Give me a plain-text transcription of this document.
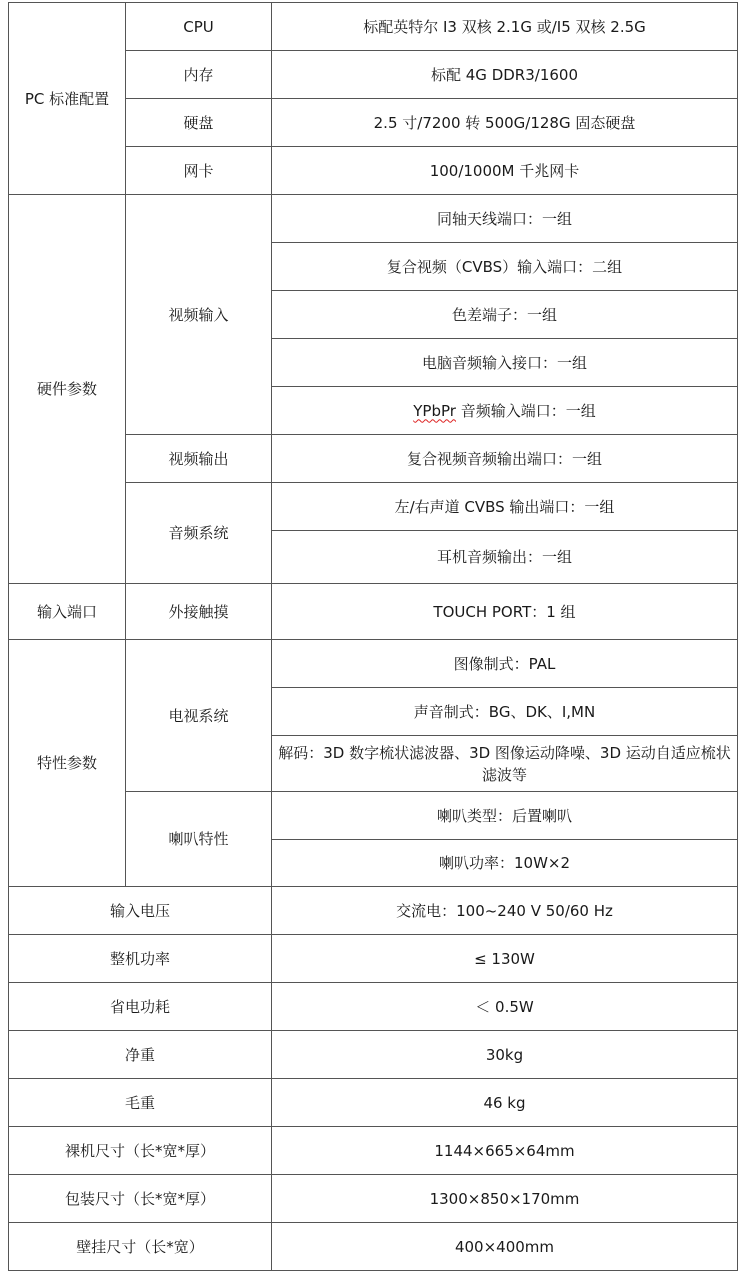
PC 标准配置	CPU	标配英特尔 I3 双核 2.1G 或/I5 双核 2.5G
	内存	标配 4G DDR3/1600
	硬盘	2.5 寸/7200 转 500G/128G 固态硬盘
	网卡	100/1000M 千兆网卡
硬件参数	视频输入	同轴天线端口：一组
		复合视频（CVBS）输入端口：二组
		色差端子：一组
		电脑音频输入接口：一组
		YPbPr 音频输入端口：一组
	视频输出	复合视频音频输出端口：一组
	音频系统	左/右声道 CVBS 输出端口：一组
		耳机音频输出：一组
输入端口	外接触摸	TOUCH PORT：1 组
特性参数	电视系统	图像制式：PAL
		声音制式：BG、DK、I,MN
		解码：3D 数字梳状滤波器、3D 图像运动降噪、3D 运动自适应梳状滤波等
	喇叭特性	喇叭类型：后置喇叭
		喇叭功率：10W×2
输入电压		交流电：100~240 V 50/60 Hz
整机功率		≤ 130W
省电功耗		＜ 0.5W
净重		30kg
毛重		46 kg
裸机尺寸（长*宽*厚）		1144×665×64mm
包装尺寸（长*宽*厚）		1300×850×170mm
壁挂尺寸（长*宽）		400×400mm
